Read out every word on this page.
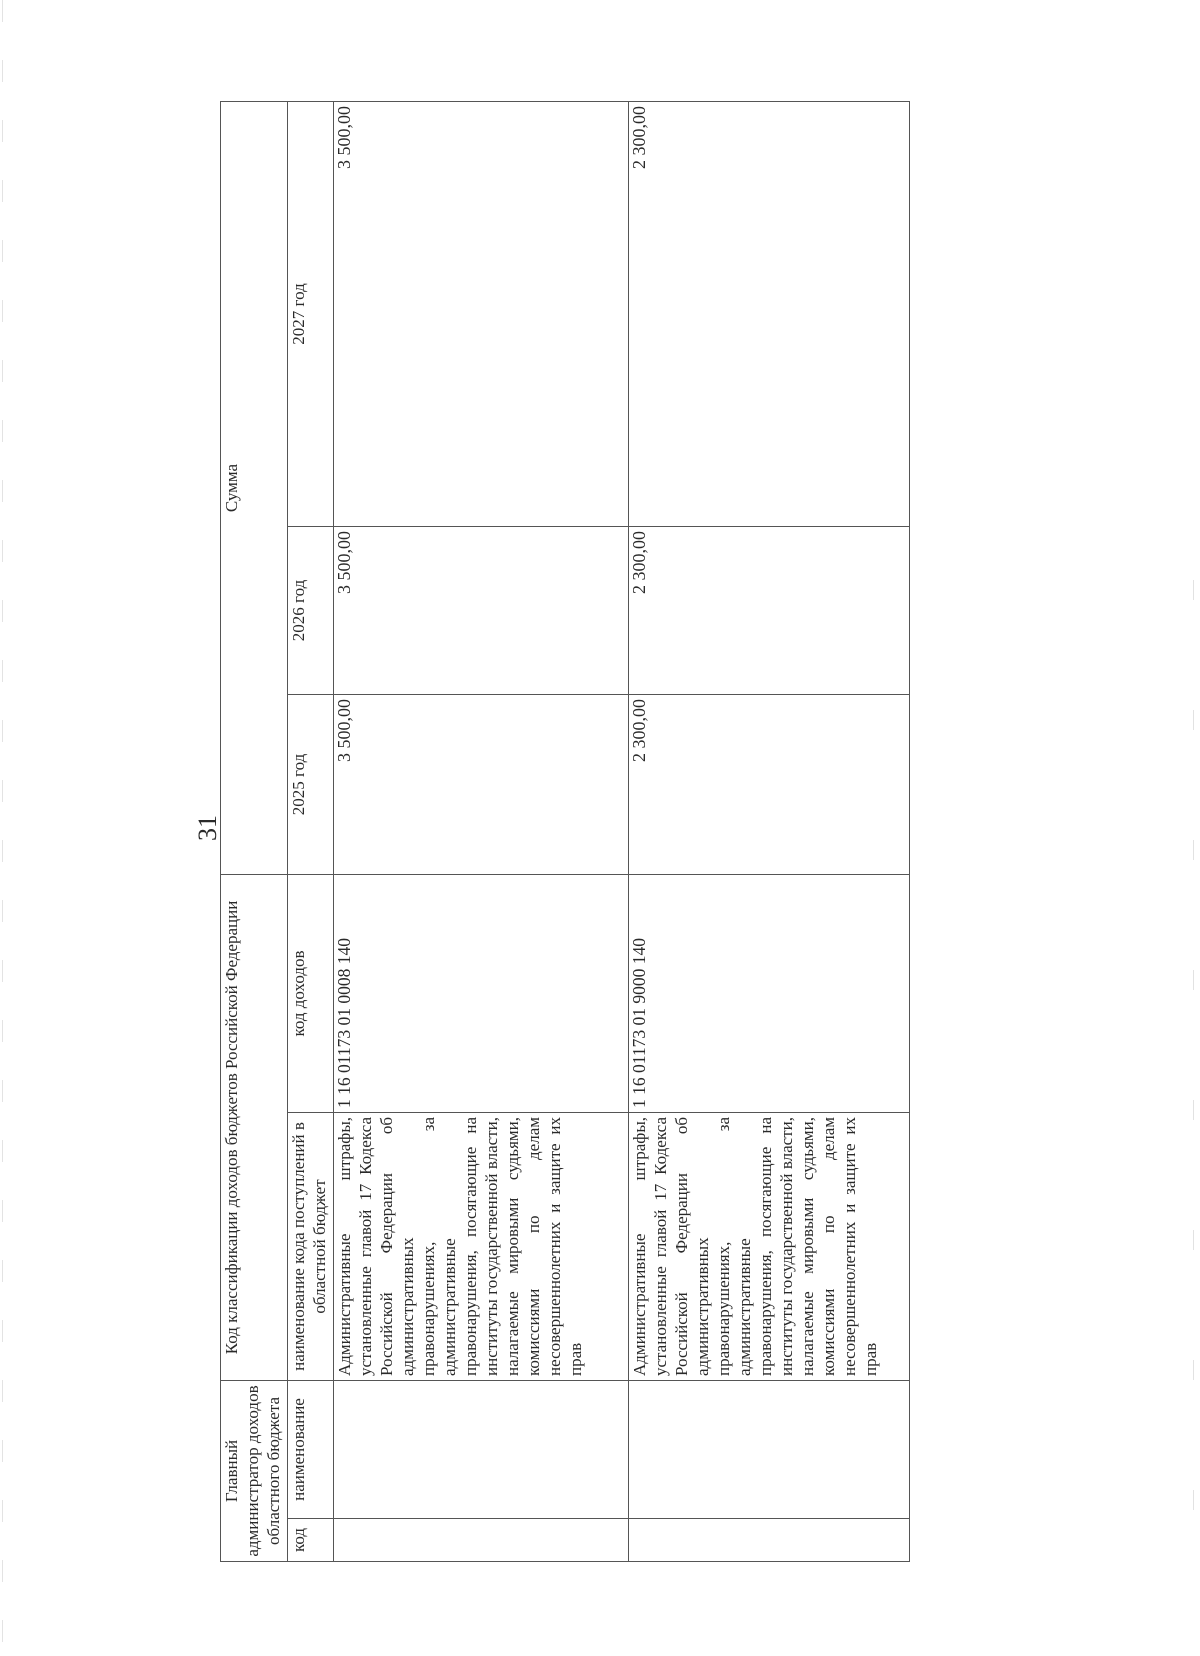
31
Главный администратор доходов областного бюджета		Код классификации доходов бюджетов Российской Федерации		Сумма		
код	наименование	наименование кода поступлений в областной бюджет	код доходов	2025 год	2026 год	2027 год
		Административные штрафы, установленные главой 17 Кодекса Российской Федерации об административных правонарушениях, за административные правонарушения, посягающие на институты государственной власти, налагаемые мировыми судьями, комиссиями по делам несовершеннолетних и защите их прав	1 16 01173 01 0008 140	3 500,00	3 500,00	3 500,00
		Административные штрафы, установленные главой 17 Кодекса Российской Федерации об административных правонарушениях, за административные правонарушения, посягающие на институты государственной власти, налагаемые мировыми судьями, комиссиями по делам несовершеннолетних и защите их прав	1 16 01173 01 9000 140	2 300,00	2 300,00	2 300,00
